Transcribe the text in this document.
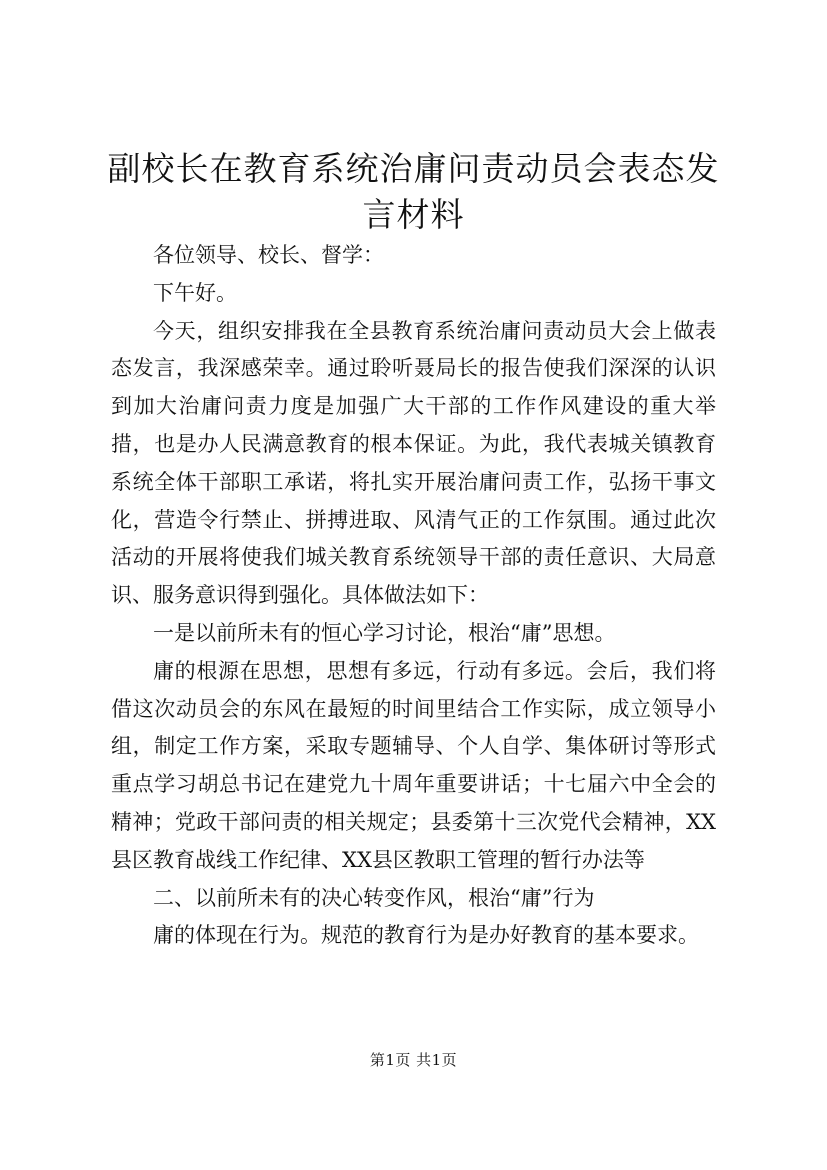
副校长在教育系统治庸问责动员会表态发言材料

各位领导、校长、督学：

下午好。

今天，组织安排我在全县教育系统治庸问责动员大会上做表态发言，我深感荣幸。通过聆听聂局长的报告使我们深深的认识到加大治庸问责力度是加强广大干部的工作作风建设的重大举措，也是办人民满意教育的根本保证。为此，我代表城关镇教育系统全体干部职工承诺，将扎实开展治庸问责工作，弘扬干事文化，营造令行禁止、拼搏进取、风清气正的工作氛围。通过此次活动的开展将使我们城关教育系统领导干部的责任意识、大局意识、服务意识得到强化。具体做法如下：

一是以前所未有的恒心学习讨论，根治“庸”思想。

庸的根源在思想，思想有多远，行动有多远。会后，我们将借这次动员会的东风在最短的时间里结合工作实际，成立领导小组，制定工作方案，采取专题辅导、个人自学、集体研讨等形式重点学习胡总书记在建党九十周年重要讲话；十七届六中全会的精神；党政干部问责的相关规定；县委第十三次党代会精神，XX县区教育战线工作纪律、XX县区教职工管理的暂行办法等

二、以前所未有的决心转变作风，根治“庸”行为

庸的体现在行为。规范的教育行为是办好教育的基本要求。

第1页 共1页
